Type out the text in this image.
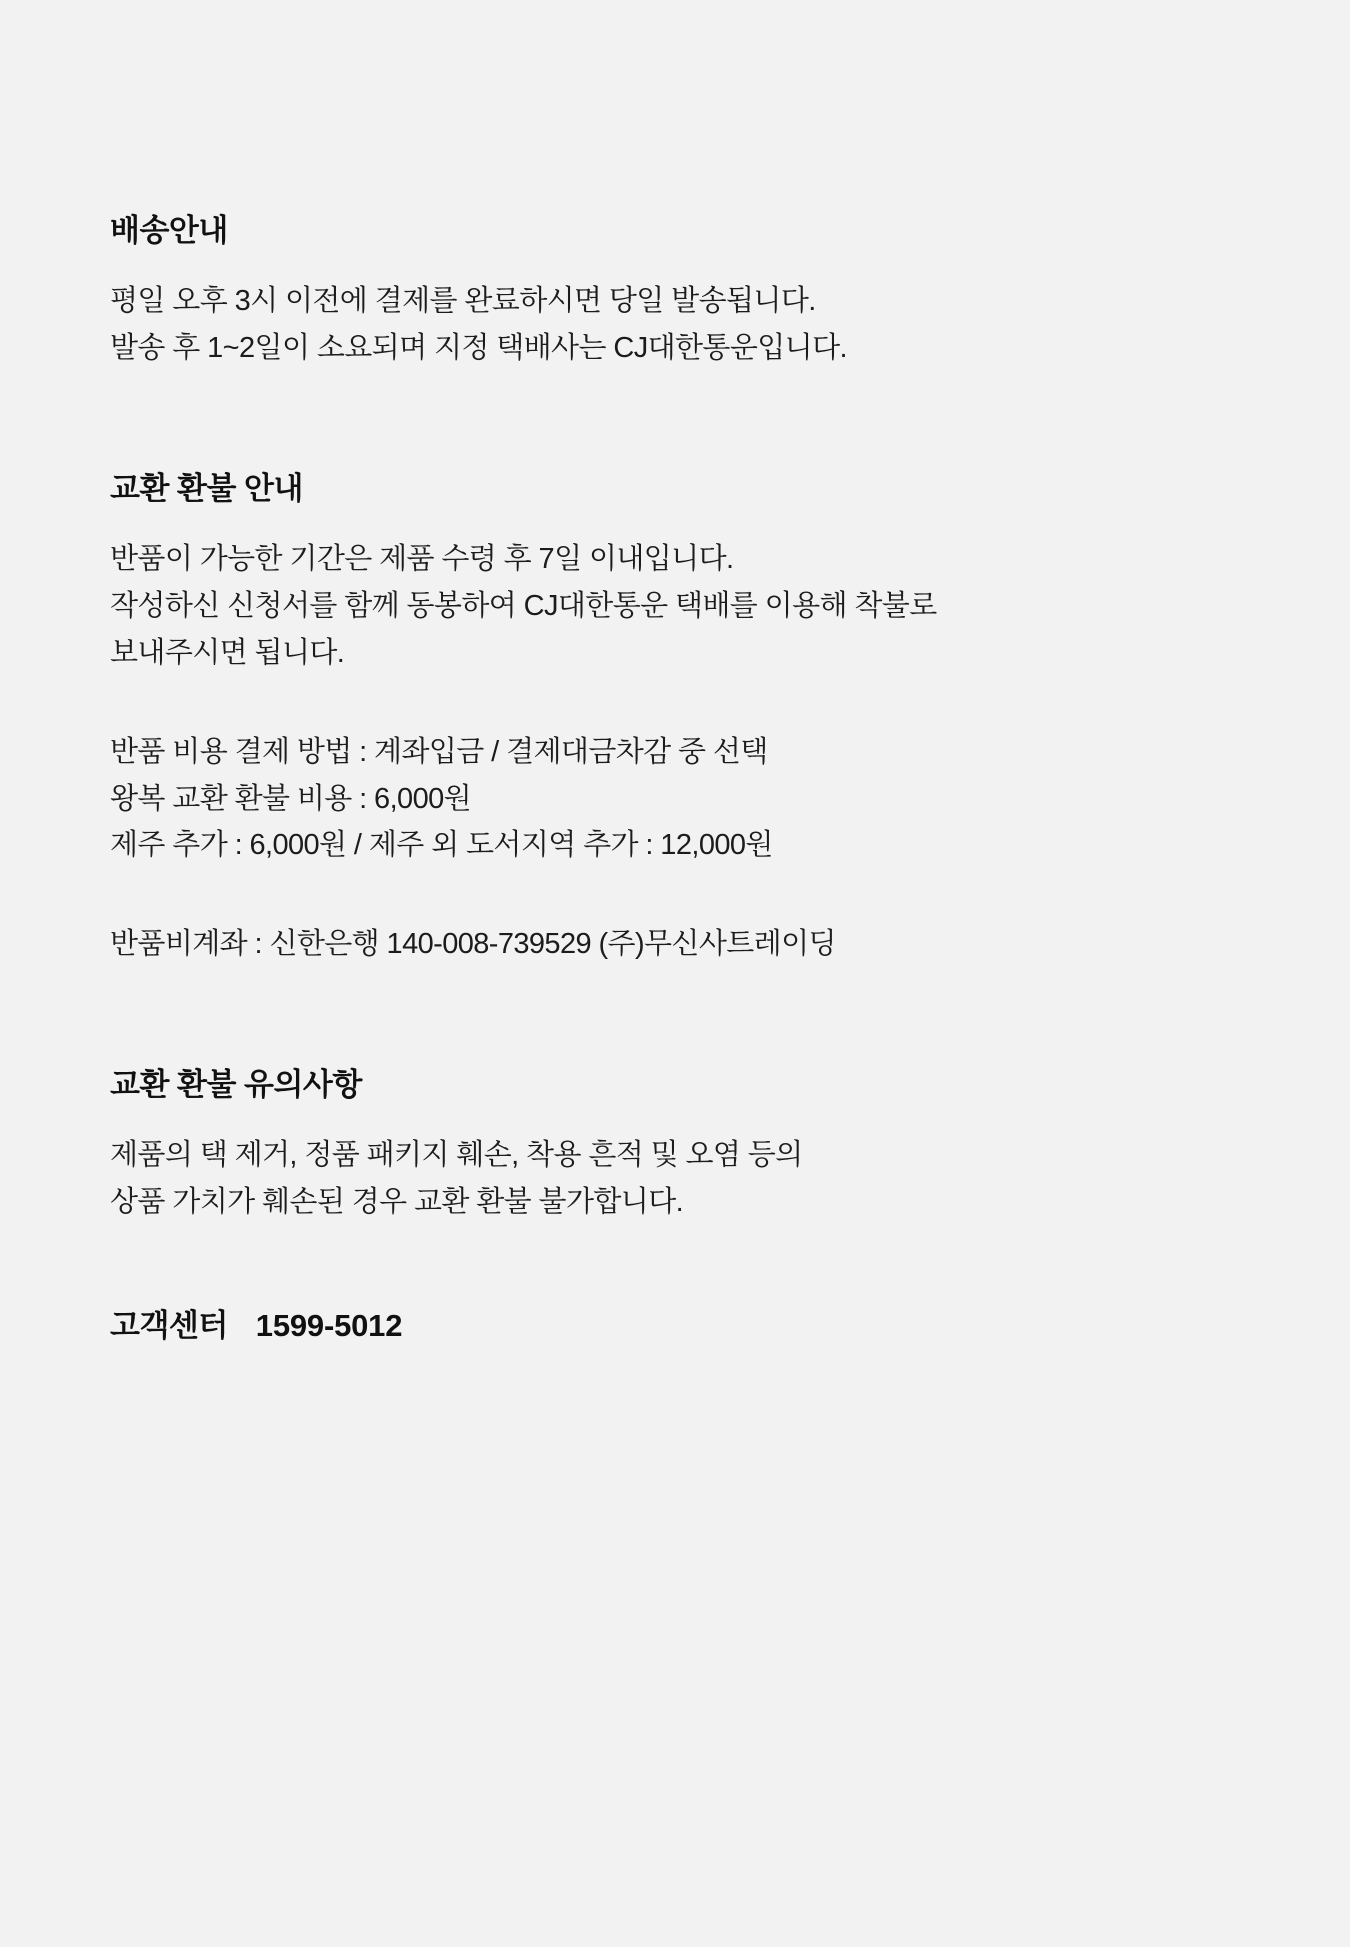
배송안내

평일 오후 3시 이전에 결제를 완료하시면 당일 발송됩니다.

발송 후 1~2일이 소요되며 지정 택배사는 CJ대한통운입니다.

교환 환불 안내

반품이 가능한 기간은 제품 수령 후 7일 이내입니다.

작성하신 신청서를 함께 동봉하여 CJ대한통운 택배를 이용해 착불로

보내주시면 됩니다.

반품 비용 결제 방법 : 계좌입금 / 결제대금차감 중 선택

왕복 교환 환불 비용 : 6,000원

제주 추가 : 6,000원 / 제주 외 도서지역 추가 : 12,000원

반품비계좌 : 신한은행 140-008-739529 (주)무신사트레이딩

교환 환불 유의사항

제품의 택 제거, 정품 패키지 훼손, 착용 흔적 및 오염 등의

상품 가치가 훼손된 경우 교환 환불 불가합니다.

고객센터 1599-5012
